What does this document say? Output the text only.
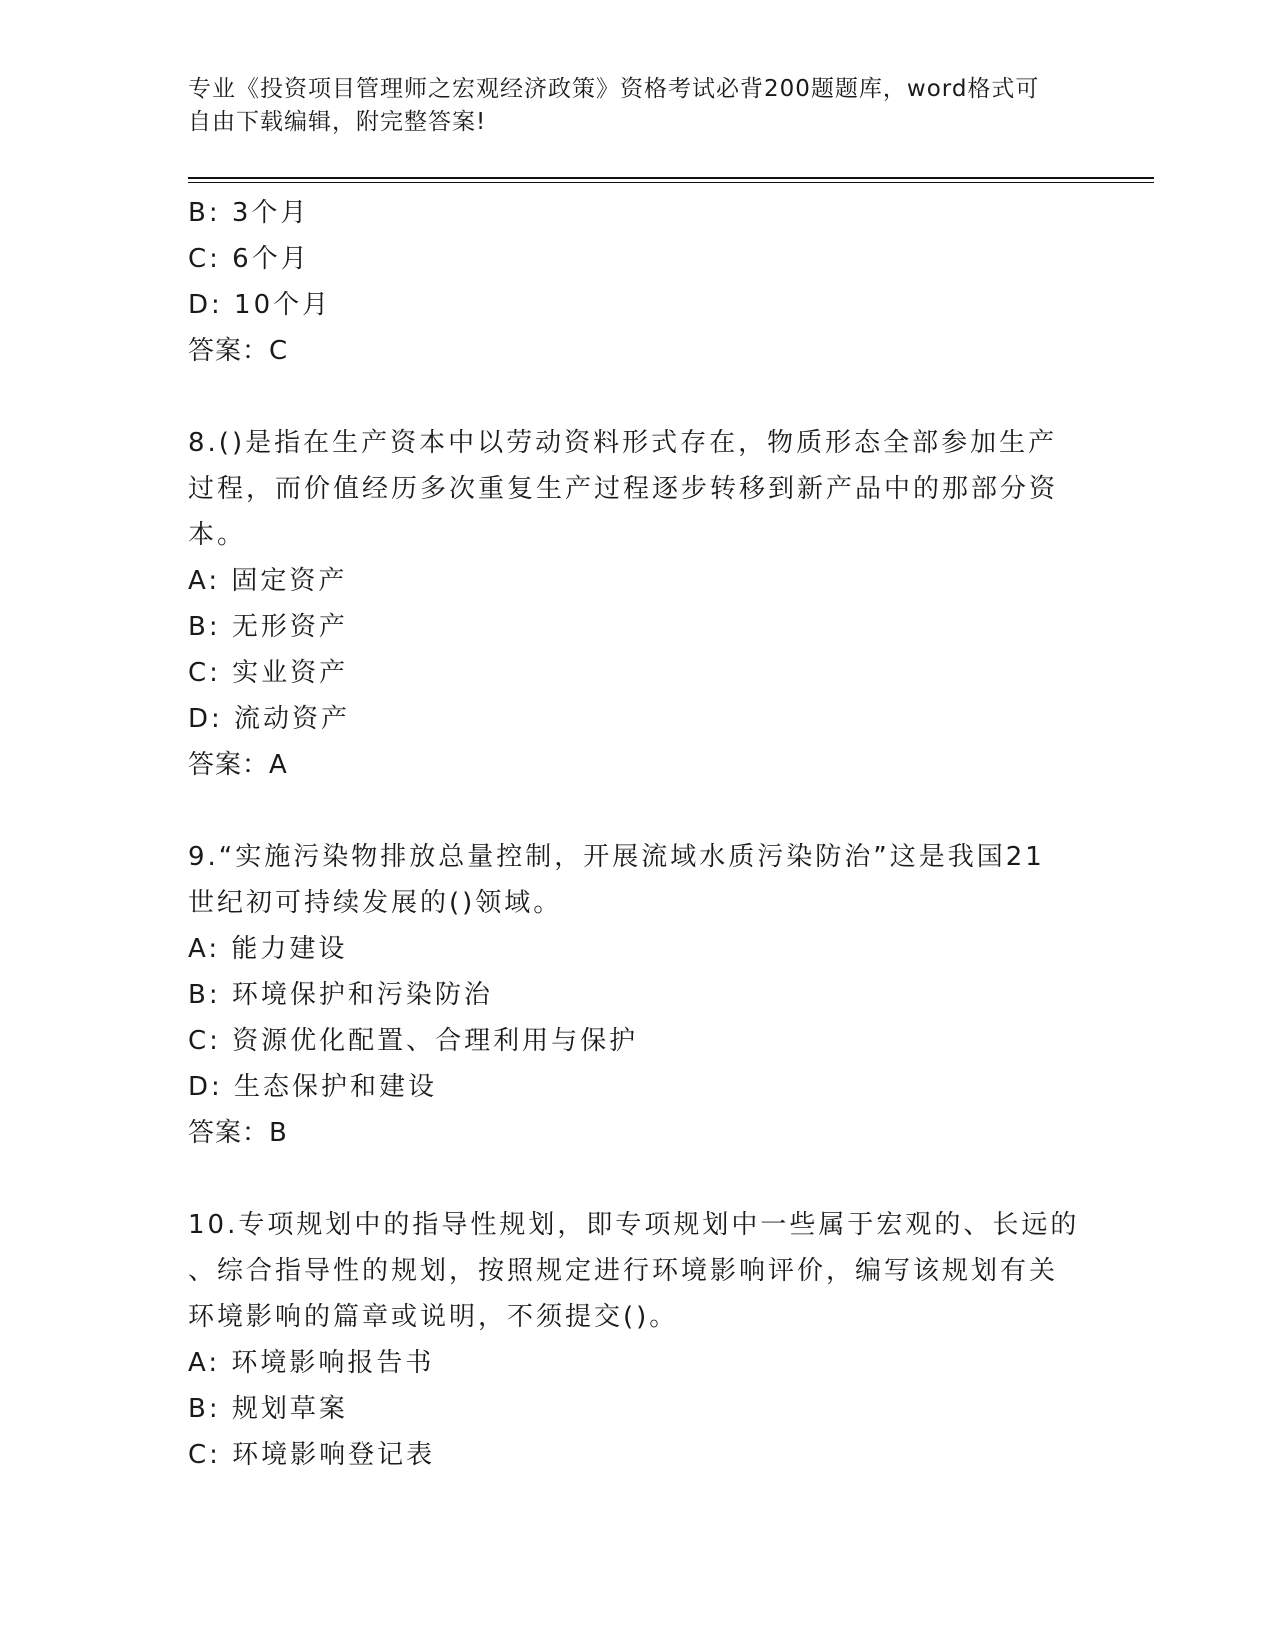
专业《投资项目管理师之宏观经济政策》资格考试必背200题题库，word格式可
自由下载编辑，附完整答案!
B: 3个月
C: 6个月
D: 10个月
答案：C
8.()是指在生产资本中以劳动资料形式存在，物质形态全部参加生产
过程，而价值经历多次重复生产过程逐步转移到新产品中的那部分资
本。
A: 固定资产
B: 无形资产
C: 实业资产
D: 流动资产
答案：A
9.“实施污染物排放总量控制，开展流域水质污染防治”这是我国21
世纪初可持续发展的()领域。
A: 能力建设
B: 环境保护和污染防治
C: 资源优化配置、合理利用与保护
D: 生态保护和建设
答案：B
10.专项规划中的指导性规划，即专项规划中一些属于宏观的、长远的
、综合指导性的规划，按照规定进行环境影响评价，编写该规划有关
环境影响的篇章或说明，不须提交()。
A: 环境影响报告书
B: 规划草案
C: 环境影响登记表
